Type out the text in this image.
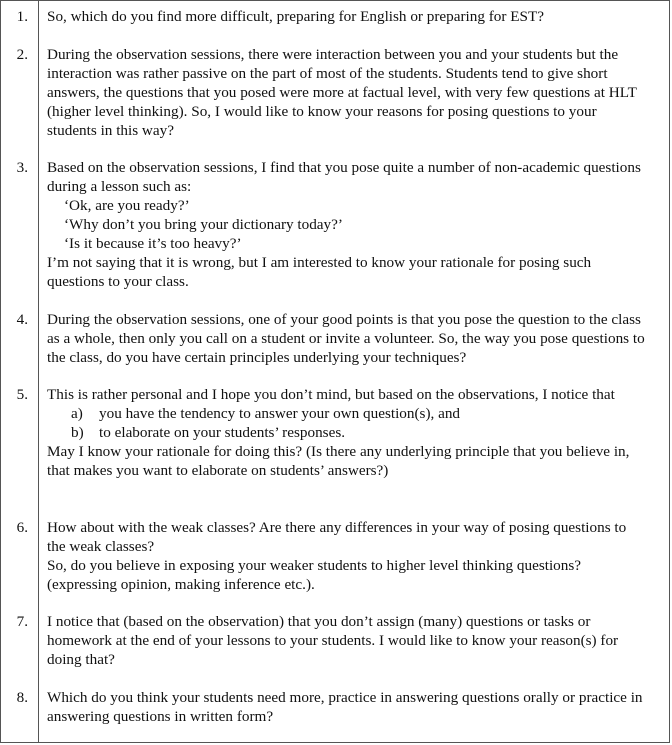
1. So, which do you find more difficult, preparing for English or preparing for EST?

2. During the observation sessions, there were interaction between you and your students but the interaction was rather passive on the part of most of the students. Students tend to give short answers, the questions that you posed were more at factual level, with very few questions at HLT (higher level thinking). So, I would like to know your reasons for posing questions to your students in this way?

3. Based on the observation sessions, I find that you pose quite a number of non-academic questions during a lesson such as:

‘Ok, are you ready?’

‘Why don’t you bring your dictionary today?’

‘Is it because it’s too heavy?’

I’m not saying that it is wrong, but I am interested to know your rationale for posing such questions to your class.

4. During the observation sessions, one of your good points is that you pose the question to the class as a whole, then only you call on a student or invite a volunteer. So, the way you pose questions to the class, do you have certain principles underlying your techniques?

5. This is rather personal and I hope you don’t mind, but based on the observations, I notice that

a)	you have the tendency to answer your own question(s), and
b)	to elaborate on your students’ responses.

May I know your rationale for doing this? (Is there any underlying principle that you believe in, that makes you want to elaborate on students’ answers?)

6. How about with the weak classes? Are there any differences in your way of posing questions to the weak classes?

So, do you believe in exposing your weaker students to higher level thinking questions? (expressing opinion, making inference etc.).

7. I notice that (based on the observation) that you don’t assign (many) questions or tasks or homework at the end of your lessons to your students. I would like to know your reason(s) for doing that?

8. Which do you think your students need more, practice in answering questions orally or practice in answering questions in written form?
